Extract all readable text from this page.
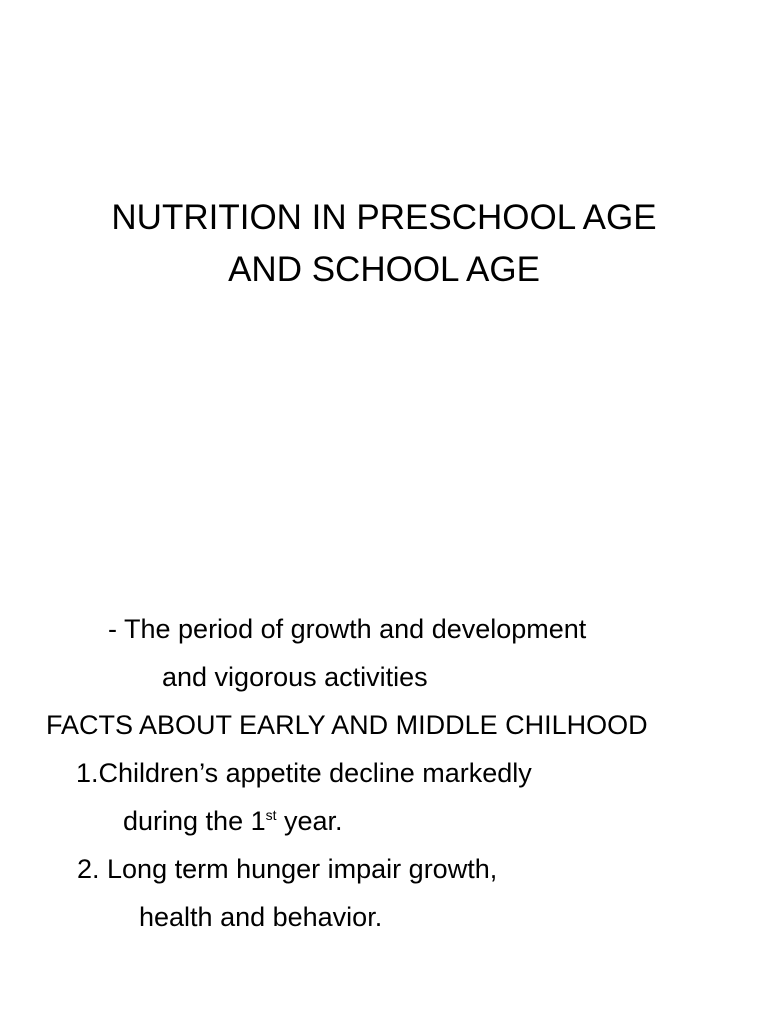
NUTRITION IN PRESCHOOL AGE
AND SCHOOL AGE
- The period of growth and development
and vigorous activities
FACTS ABOUT EARLY AND MIDDLE CHILHOOD
1.Children’s appetite decline markedly
during the 1st year.
2. Long term hunger impair growth,
health and behavior.
